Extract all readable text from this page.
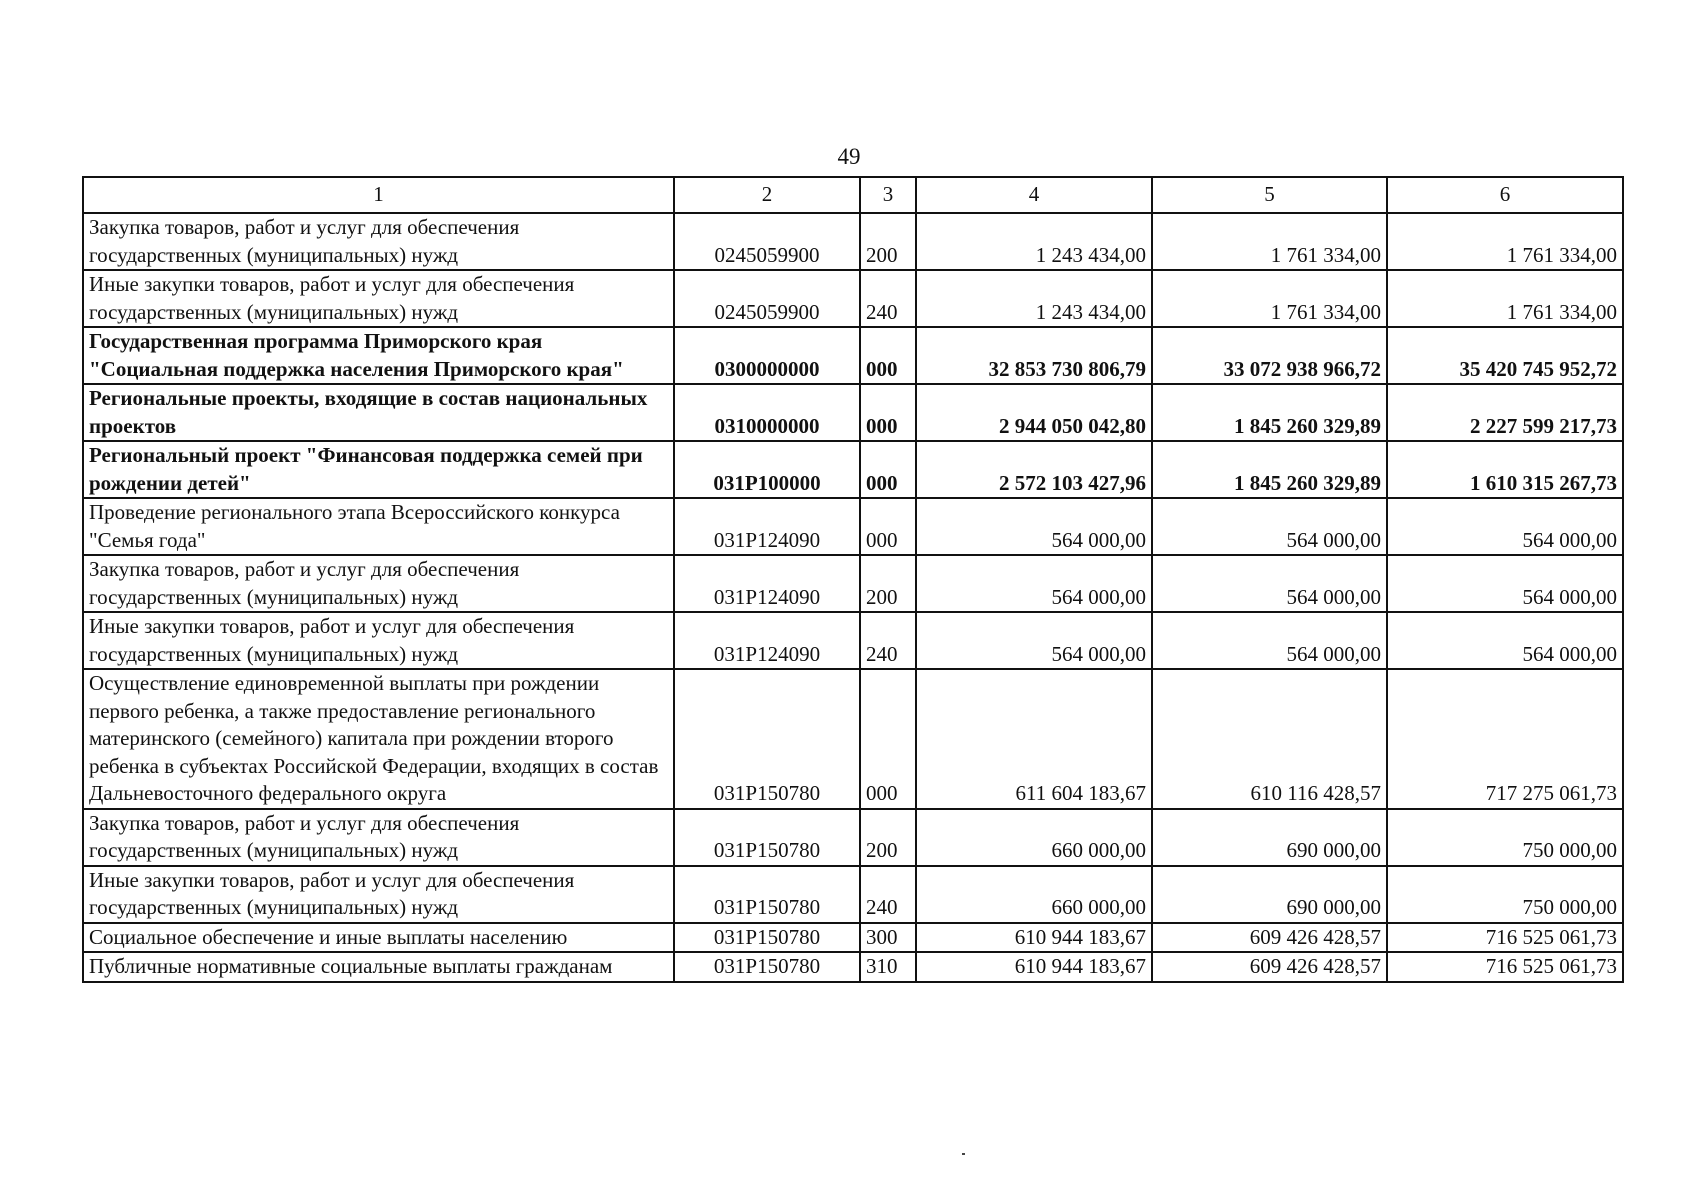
49
1	2	3	4	5	6
Закупка товаров, работ и услуг для обеспечения государственных (муниципальных) нужд	0245059900	200	1 243 434,00	1 761 334,00	1 761 334,00
Иные закупки товаров, работ и услуг для обеспечения государственных (муниципальных) нужд	0245059900	240	1 243 434,00	1 761 334,00	1 761 334,00
Государственная программа Приморского края "Социальная поддержка населения Приморского края"	0300000000	000	32 853 730 806,79	33 072 938 966,72	35 420 745 952,72
Региональные проекты, входящие в состав национальных проектов	0310000000	000	2 944 050 042,80	1 845 260 329,89	2 227 599 217,73
Региональный проект "Финансовая поддержка семей при рождении детей"	031P100000	000	2 572 103 427,96	1 845 260 329,89	1 610 315 267,73
Проведение регионального этапа Всероссийского конкурса "Семья года"	031P124090	000	564 000,00	564 000,00	564 000,00
Закупка товаров, работ и услуг для обеспечения государственных (муниципальных) нужд	031P124090	200	564 000,00	564 000,00	564 000,00
Иные закупки товаров, работ и услуг для обеспечения государственных (муниципальных) нужд	031P124090	240	564 000,00	564 000,00	564 000,00
Осуществление единовременной выплаты при рождении первого ребенка, а также предоставление регионального материнского (семейного) капитала при рождении второго ребенка в субъектах Российской Федерации, входящих в состав Дальневосточного федерального округа	031P150780	000	611 604 183,67	610 116 428,57	717 275 061,73
Закупка товаров, работ и услуг для обеспечения государственных (муниципальных) нужд	031P150780	200	660 000,00	690 000,00	750 000,00
Иные закупки товаров, работ и услуг для обеспечения государственных (муниципальных) нужд	031P150780	240	660 000,00	690 000,00	750 000,00
Социальное обеспечение и иные выплаты населению	031P150780	300	610 944 183,67	609 426 428,57	716 525 061,73
Публичные нормативные социальные выплаты гражданам	031P150780	310	610 944 183,67	609 426 428,57	716 525 061,73
